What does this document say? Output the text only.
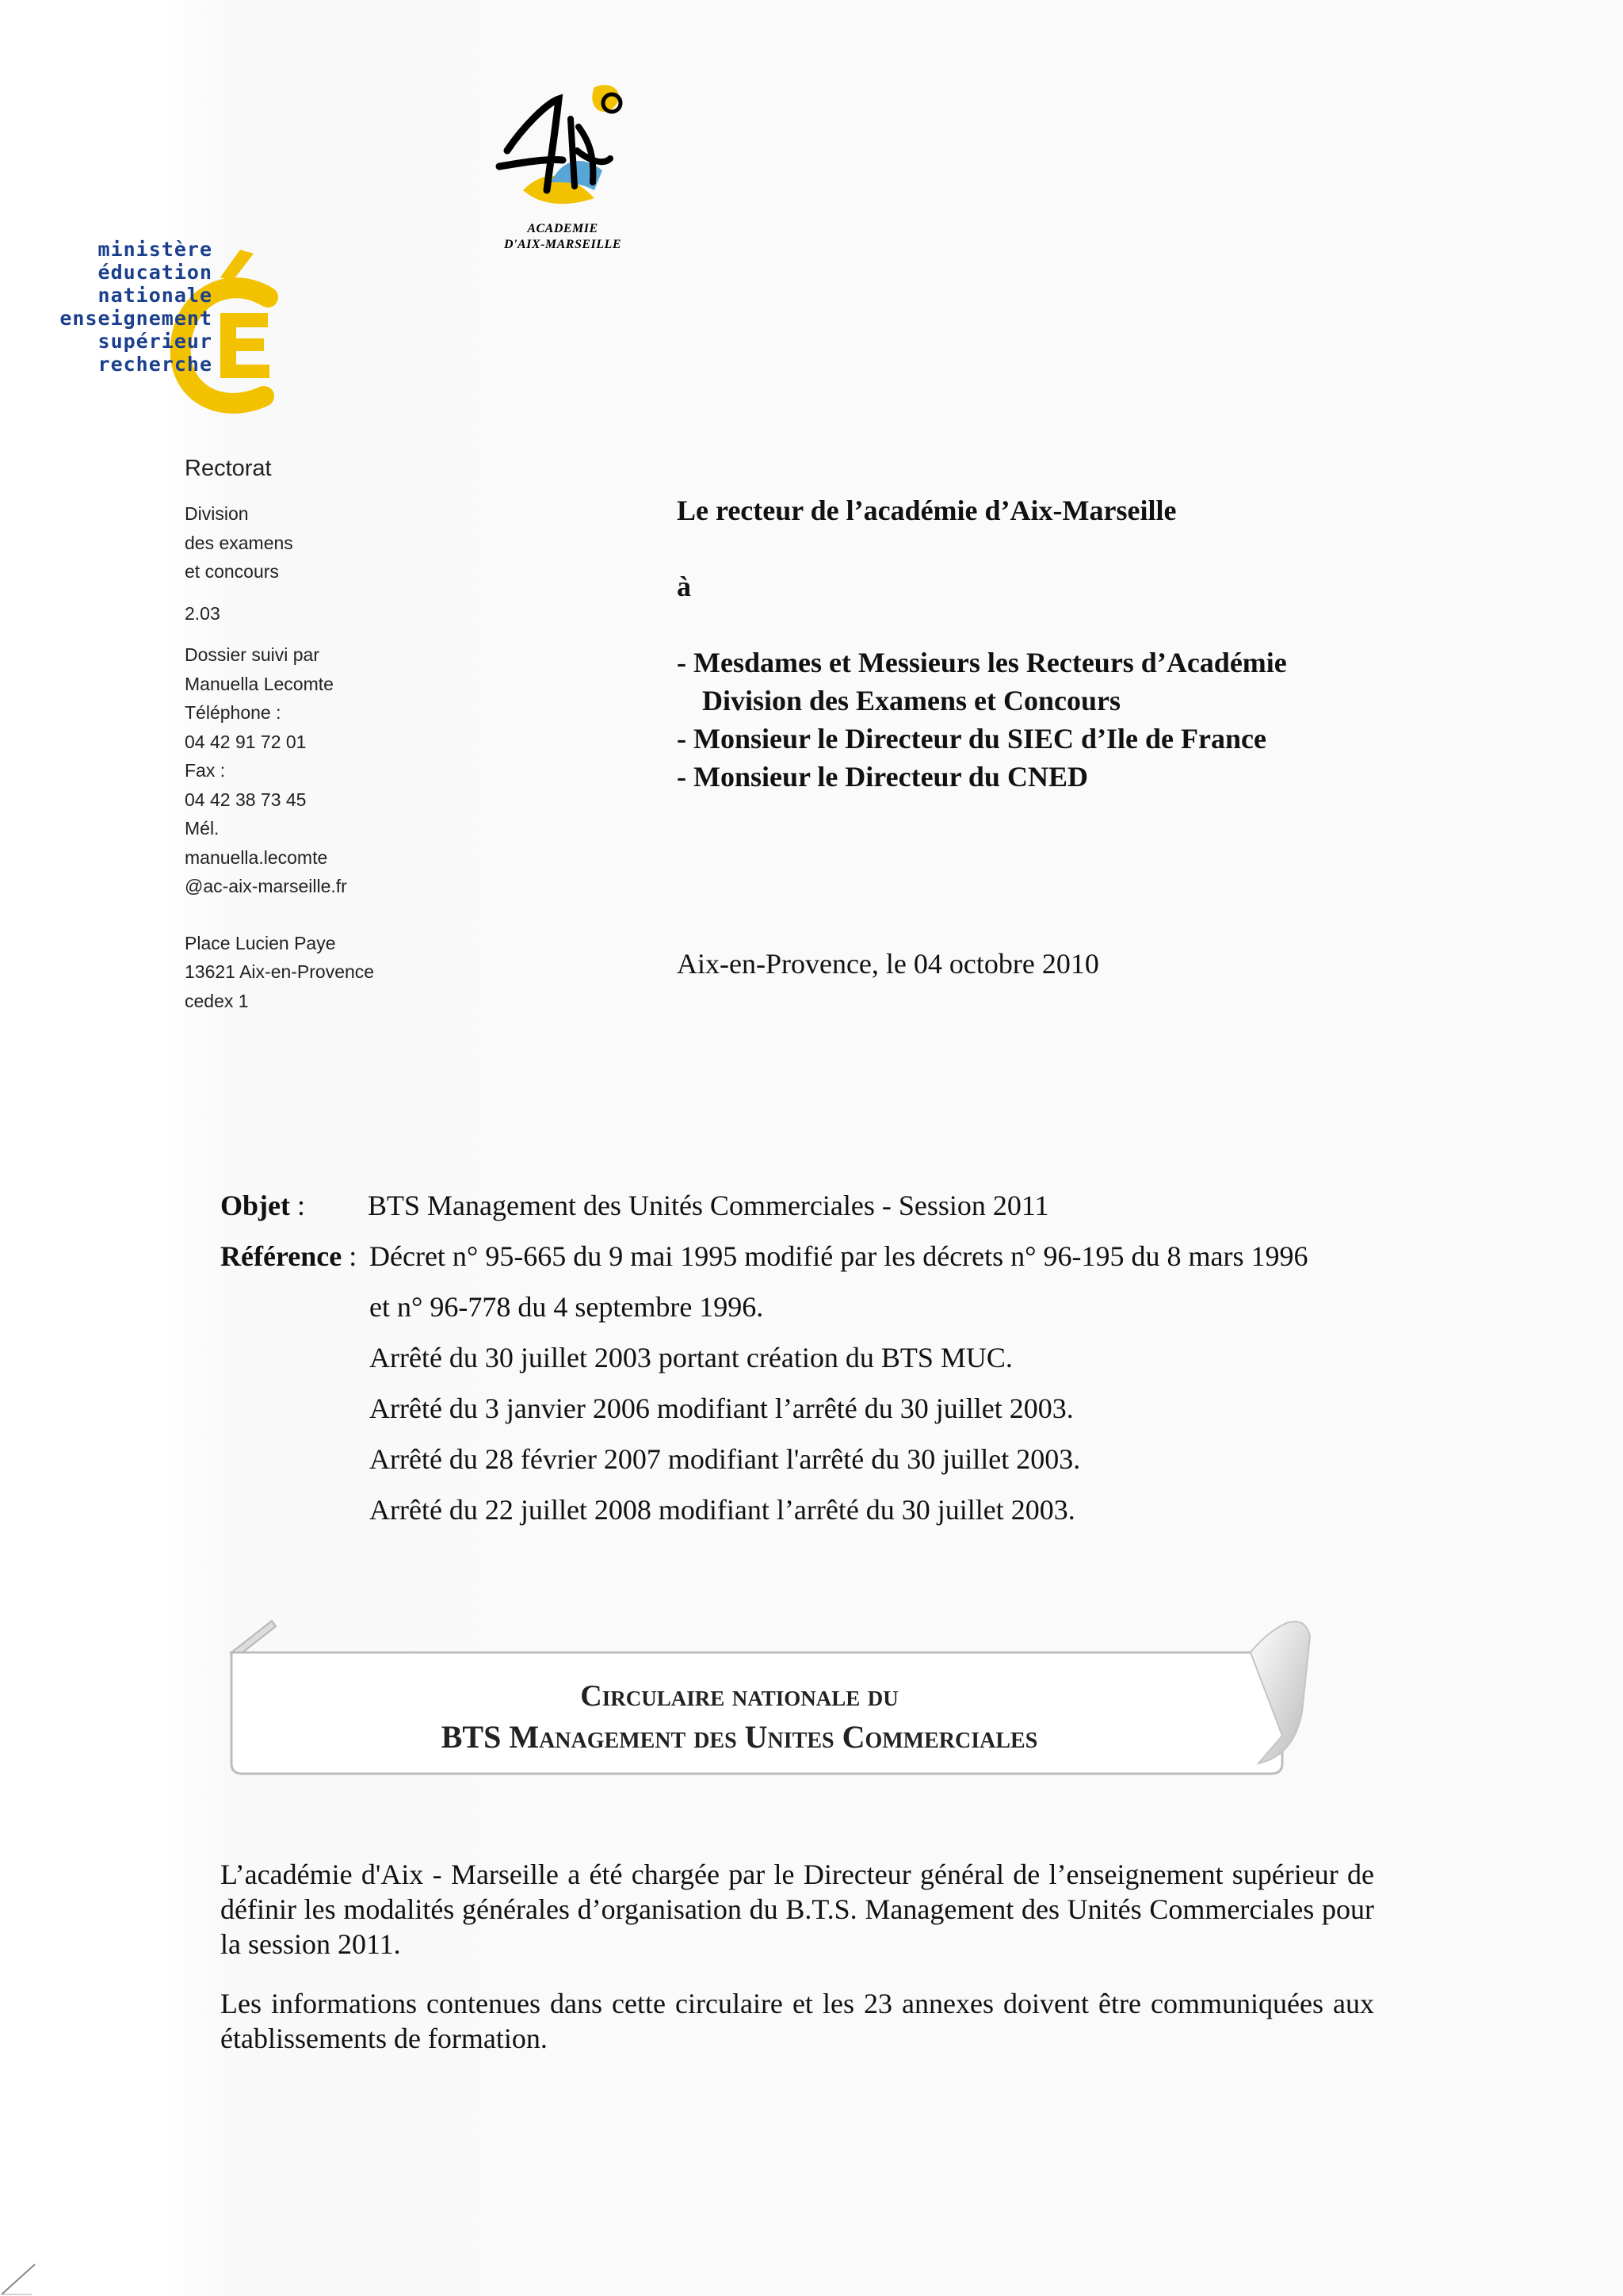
ACADEMIE
D'AIX-MARSEILLE
ministère
éducation
nationale
enseignement
supérieur
recherche
Rectorat
Division
des examens
et concours
2.03
Dossier suivi par
Manuella Lecomte
Téléphone :
04 42 91 72 01
Fax :
04 42 38 73 45
Mél.
manuella.lecomte
@ac-aix-marseille.fr
Place Lucien Paye
13621 Aix-en-Provence
cedex 1
Le recteur de l’académie d’Aix-Marseille
à
- Mesdames et Messieurs les Recteurs d’Académie
Division des Examens et Concours
- Monsieur le Directeur du SIEC d’Ile de France
- Monsieur le Directeur du CNED
Aix-en-Provence, le 04 octobre 2010
Objet : BTS Management des Unités Commerciales - Session 2011
Référence : Décret n° 95-665 du 9 mai 1995 modifié par les décrets n° 96-195 du 8 mars 1996
et n° 96-778 du 4 septembre 1996.
Arrêté du 30 juillet 2003 portant création du BTS MUC.
Arrêté du 3 janvier 2006 modifiant l’arrêté du 30 juillet 2003.
Arrêté du 28 février 2007 modifiant l'arrêté du 30 juillet 2003.
Arrêté du 22 juillet 2008 modifiant l’arrêté du 30 juillet 2003.
Circulaire nationale du
BTS Management des Unites Commerciales
L’académie d'Aix - Marseille a été chargée par le Directeur général de l’enseignement supérieur de définir les modalités générales d’organisation du B.T.S. Management des Unités Commerciales pour la session 2011.
Les informations contenues dans cette circulaire et les 23 annexes doivent être communiquées aux établissements de formation.
